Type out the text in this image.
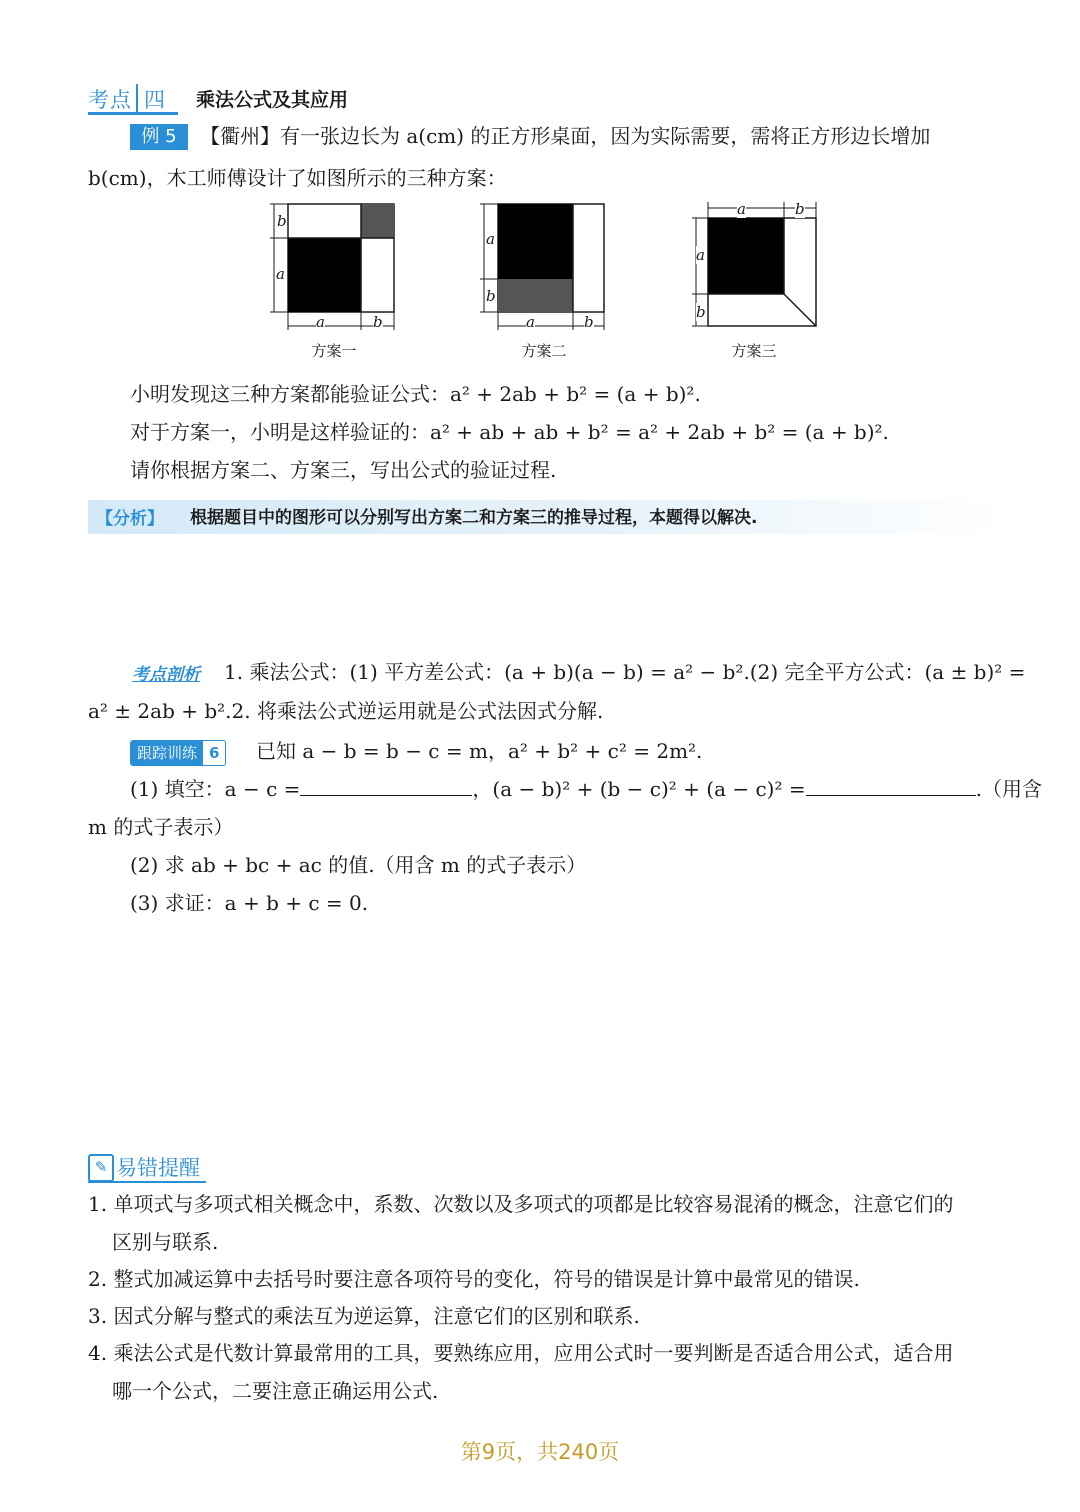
考点 四 乘法公式及其应用
例 5	【衢州】有一张边长为 a(cm) 的正方形桌面，因为实际需要，需将正方形边长增加
b(cm)，木工师傅设计了如图所示的三种方案：
b
a
a	b
方案一
a
b
a	b
方案二
a	b
a
b
方案三
小明发现这三种方案都能验证公式：a² + 2ab + b² = (a + b)².
对于方案一，小明是这样验证的：a² + ab + ab + b² = a² + 2ab + b² = (a + b)².
请你根据方案二、方案三，写出公式的验证过程.
【分析】 根据题目中的图形可以分别写出方案二和方案三的推导过程，本题得以解决.
考点剖析 1. 乘法公式：(1) 平方差公式：(a + b)(a − b) = a² − b².(2) 完全平方公式：(a ± b)² =
a² ± 2ab + b².2. 将乘法公式逆运用就是公式法因式分解.
跟踪训练 6	已知 a − b = b − c = m，a² + b² + c² = 2m².
(1) 填空：a − c =	，(a − b)² + (b − c)² + (a − c)² =	.（用含
m 的式子表示）
(2) 求 ab + bc + ac 的值.（用含 m 的式子表示）
(3) 求证：a + b + c = 0.
✎ 易错提醒
1. 单项式与多项式相关概念中，系数、次数以及多项式的项都是比较容易混淆的概念，注意它们的
区别与联系.
2. 整式加减运算中去括号时要注意各项符号的变化，符号的错误是计算中最常见的错误.
3. 因式分解与整式的乘法互为逆运算，注意它们的区别和联系.
4. 乘法公式是代数计算最常用的工具，要熟练应用，应用公式时一要判断是否适合用公式，适合用
哪一个公式，二要注意正确运用公式.
第9页，共240页
